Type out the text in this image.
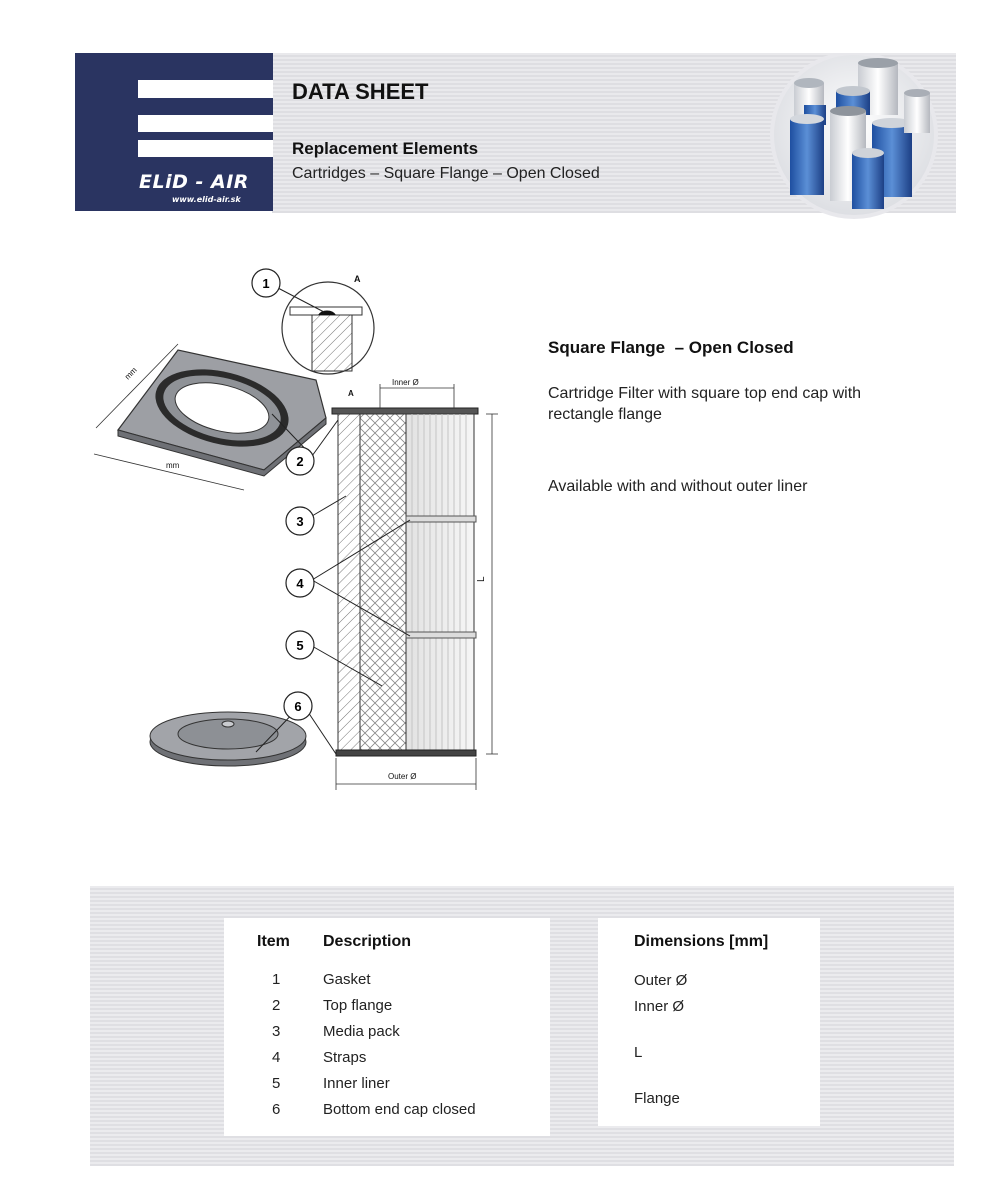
ELiD - AIR
www.elid-air.sk
DATA SHEET
Replacement Elements
Cartridges – Square Flange – Open Closed
A
mm
mm
A
Inner Ø
L
Outer Ø
1
2
3
4
5
6
Square Flange  – Open Closed
Cartridge Filter with square top end cap with rectangle flange
Available with and without outer liner
Item Description
1	Gasket
2	Top flange
3	Media pack
4	Straps
5	Inner liner
6	Bottom end cap closed
Dimensions [mm]
Outer Ø
Inner Ø
L
Flange
